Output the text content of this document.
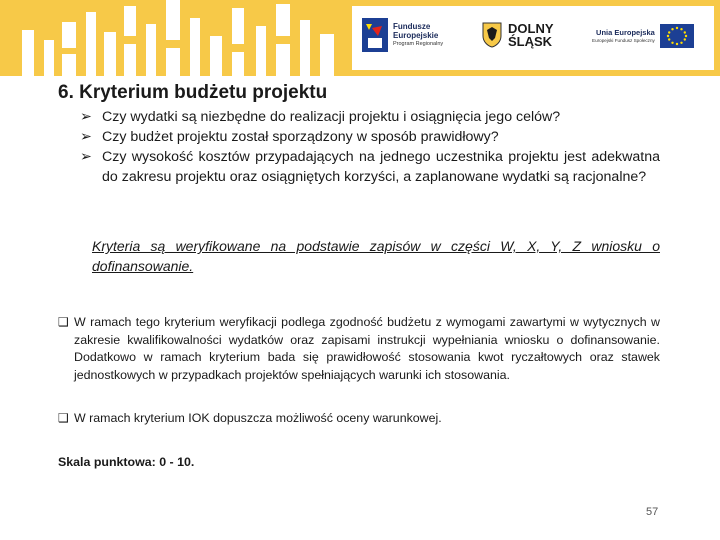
Fundusze
Europejskie
Program Regionalny
DOLNY
ŚLĄSK
Unia Europejska
Europejski Fundusz Społeczny
6. Kryterium budżetu projektu
➢ Czy wydatki są niezbędne do realizacji projektu i osiągnięcia jego celów?
➢ Czy budżet projektu został sporządzony w sposób prawidłowy?
➢ Czy wysokość kosztów przypadających na jednego uczestnika projektu jest adekwatna do zakresu projektu oraz osiągniętych korzyści, a zaplanowane wydatki są racjonalne?
Kryteria są weryfikowane na podstawie zapisów w części W, X, Y, Z wniosku o dofinansowanie.
❑ W ramach tego kryterium weryfikacji podlega zgodność budżetu z wymogami zawartymi w wytycznych w zakresie kwalifikowalności wydatków oraz zapisami instrukcji wypełniania wniosku o dofinansowanie. Dodatkowo w ramach kryterium bada się prawidłowość stosowania kwot ryczałtowych oraz stawek jednostkowych w przypadkach projektów spełniających warunki ich stosowania.
❑ W ramach kryterium IOK dopuszcza możliwość oceny warunkowej.
Skala punktowa: 0 - 10.
57
